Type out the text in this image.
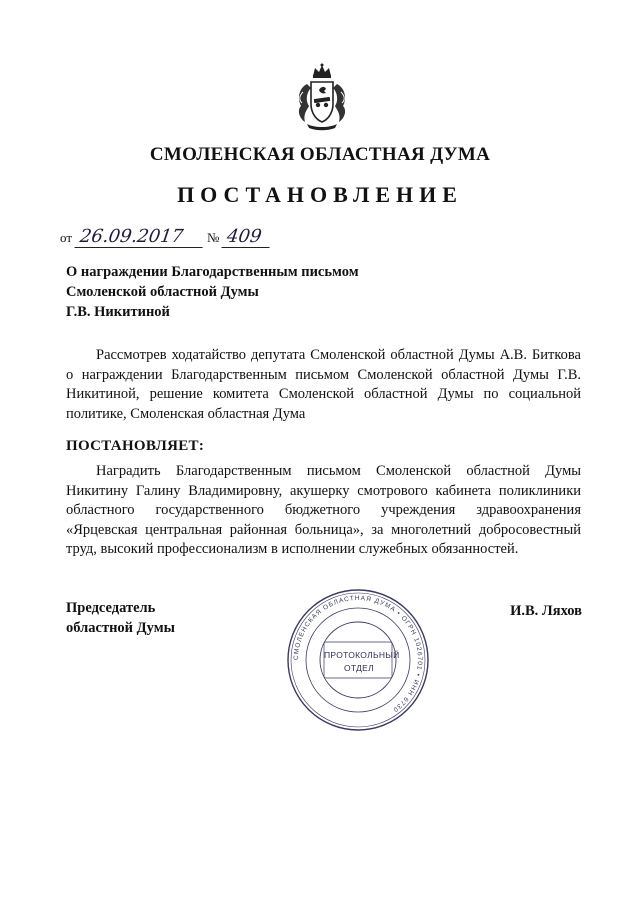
СМОЛЕНСКАЯ ОБЛАСТНАЯ ДУМА
ПОСТАНОВЛЕНИЕ
от 26.09.2017 № 409
О награждении Благодарственным письмом
Смоленской областной Думы
Г.В. Никитиной
Рассмотрев ходатайство депутата Смоленской областной Думы А.В. Биткова о награждении Благодарственным письмом Смоленской областной Думы Г.В. Никитиной, решение комитета Смоленской областной Думы по социальной политике, Смоленская областная Дума
ПОСТАНОВЛЯЕТ:
Наградить Благодарственным письмом Смоленской областной Думы Никитину Галину Владимировну, акушерку смотрового кабинета поликлиники областного государственного бюджетного учреждения здравоохранения «Ярцевская центральная районная больница», за многолетний добросовестный труд, высокий профессионализм в исполнении служебных обязанностей.
Председатель
областной Думы
И.В. Ляхов
СМОЛЕНСКАЯ ОБЛАСТНАЯ ДУМА • ОГРН 1026701 • ИНН 6730
ПРОТОКОЛЬНЫЙ
ОТДЕЛ
